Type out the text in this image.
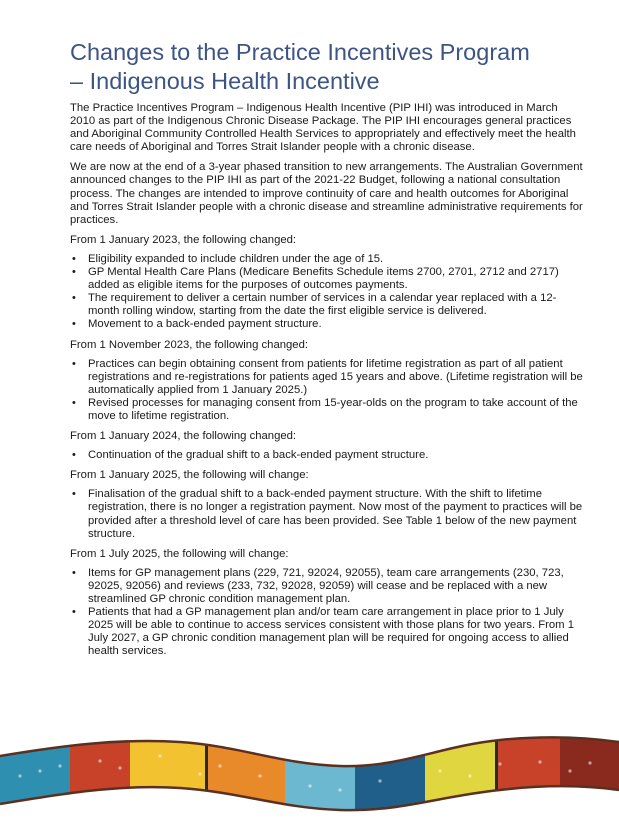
Changes to the Practice Incentives Program
– Indigenous Health Incentive

The Practice Incentives Program – Indigenous Health Incentive (PIP IHI) was introduced in March 2010 as part of the Indigenous Chronic Disease Package. The PIP IHI encourages general practices and Aboriginal Community Controlled Health Services to appropriately and effectively meet the health care needs of Aboriginal and Torres Strait Islander people with a chronic disease.

We are now at the end of a 3-year phased transition to new arrangements. The Australian Government announced changes to the PIP IHI as part of the 2021-22 Budget, following a national consultation process. The changes are intended to improve continuity of care and health outcomes for Aboriginal and Torres Strait Islander people with a chronic disease and streamline administrative requirements for practices.

From 1 January 2023, the following changed:

• Eligibility expanded to include children under the age of 15.
• GP Mental Health Care Plans (Medicare Benefits Schedule items 2700, 2701, 2712 and 2717) added as eligible items for the purposes of outcomes payments.
• The requirement to deliver a certain number of services in a calendar year replaced with a 12-month rolling window, starting from the date the first eligible service is delivered.
• Movement to a back-ended payment structure.

From 1 November 2023, the following changed:

• Practices can begin obtaining consent from patients for lifetime registration as part of all patient registrations and re-registrations for patients aged 15 years and above. (Lifetime registration will be automatically applied from 1 January 2025.)
• Revised processes for managing consent from 15-year-olds on the program to take account of the move to lifetime registration.

From 1 January 2024, the following changed:

• Continuation of the gradual shift to a back-ended payment structure.

From 1 January 2025, the following will change:

• Finalisation of the gradual shift to a back-ended payment structure. With the shift to lifetime registration, there is no longer a registration payment. Now most of the payment to practices will be provided after a threshold level of care has been provided. See Table 1 below of the new payment structure.

From 1 July 2025, the following will change:

• Items for GP management plans (229, 721, 92024, 92055), team care arrangements (230, 723, 92025, 92056) and reviews (233, 732, 92028, 92059) will cease and be replaced with a new streamlined GP chronic condition management plan.
• Patients that had a GP management plan and/or team care arrangement in place prior to 1 July 2025 will be able to continue to access services consistent with those plans for two years. From 1 July 2027, a GP chronic condition management plan will be required for ongoing access to allied health services.
